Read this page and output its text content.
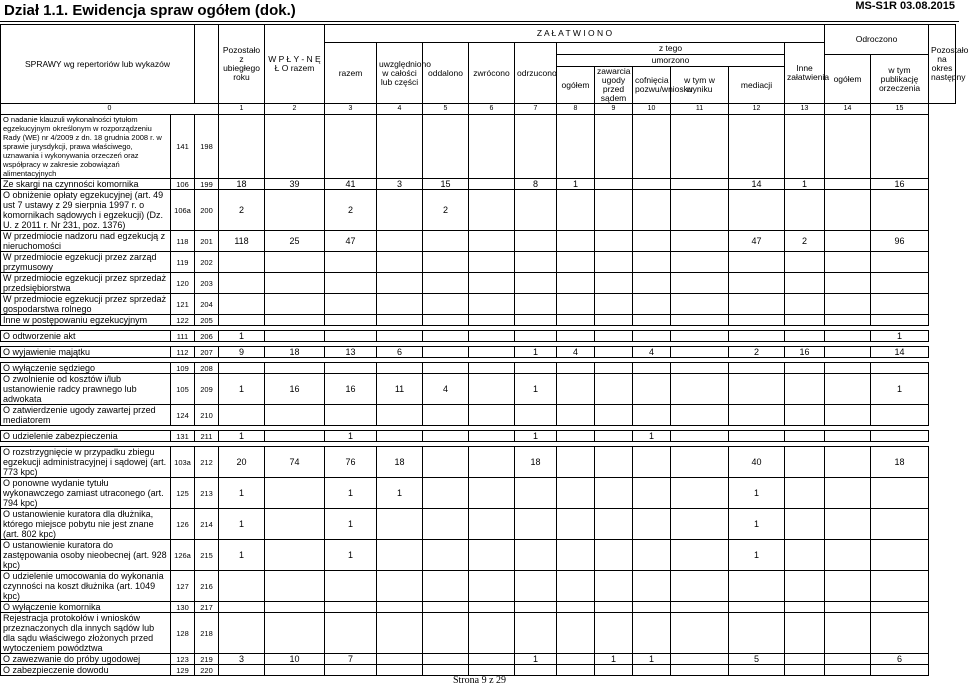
Dział 1.1. Ewidencja spraw ogółem (dok.)	MS-S1R 03.08.2015
SPRAWY wg repertoriów lub wykazów			Pozostało z ubiegłego roku	W P Ł Y - N Ę Ł O razem	Z A Ł A T W I O N O											Odroczono		Pozostało na okres następny
					razem	uwzględniono w całości lub części	oddalono	zwrócono	odrzucono	z tego					Inne załatwienia			
										umorzono						ogółem	w tym publikację orzeczenia	
										ogółem	zawarcia ugody przed sądem	cofnięcia pozwu/wniosku	w tym w wyniku	mediacji				
0			1	2	3	4	5	6	7	8	9	10	11	12	13	14	15	
O nadanie klauzuli wykonalności tytułom egzekucyjnym określonym w rozporządzeniu Rady (WE) nr 4/2009 z dn. 18 grudnia 2008 r. w sprawie jurysdykcji, prawa właściwego, uznawania i wykonywania orzeczeń oraz współpracy w zakresie zobowiązań alimentacyjnych	141	198																
Ze skargi na czynności komornika	106	199	18	39	41	3	15		8	1				14	1		16	
O obniżenie opłaty egzekucyjnej (art. 49 ust 7 ustawy z 29 sierpnia 1997 r. o komornikach sądowych i egzekucji) (Dz. U. z 2011 r. Nr 231, poz. 1376)	106a	200	2		2		2											
W przedmiocie nadzoru nad egzekucją z nieruchomości	118	201	118	25	47									47	2		96	
W przedmiocie egzekucji przez zarząd przymusowy	119	202																
W przedmiocie egzekucji przez sprzedaż przedsiębiorstwa	120	203																
W przedmiocie egzekucji przez sprzedaż gospodarstwa rolnego	121	204																
Inne w postępowaniu egzekucyjnym	122	205																

O odtworzenie akt	111	206	1														1	

O wyjawienie majątku	112	207	9	18	13	6			1	4		4		2	16		14	

O wyłączenie sędziego	109	208																
O zwolnienie od kosztów i/lub ustanowienie radcy prawnego lub adwokata	105	209	1	16	16	11	4		1								1	
O zatwierdzenie ugody zawartej przed mediatorem	124	210																

O udzielenie zabezpieczenia	131	211	1		1				1			1						

O rozstrzygnięcie w przypadku zbiegu egzekucji administracyjnej i sądowej (art. 773 kpc)	103a	212	20	74	76	18			18					40			18	
O ponowne wydanie tytułu wykonawczego zamiast utraconego (art. 794 kpc)	125	213	1		1	1								1				
O ustanowienie kuratora dla dłużnika, którego miejsce pobytu nie jest znane (art. 802 kpc)	126	214	1		1									1				
O ustanowienie kuratora do zastępowania osoby nieobecnej (art. 928 kpc)	126a	215	1		1									1				
O udzielenie umocowania do wykonania czynności na koszt dłużnika (art. 1049 kpc)	127	216																
O wyłączenie komornika	130	217																
Rejestracja protokołów i wniosków przeznaczonych dla innych sądów lub dla sądu właściwego złożonych przed wytoczeniem powództwa	128	218																
O zawezwanie do próby ugodowej	123	219	3	10	7				1		1	1		5			6	
O zabezpieczenie dowodu	129	220																
Strona 9 z 29
